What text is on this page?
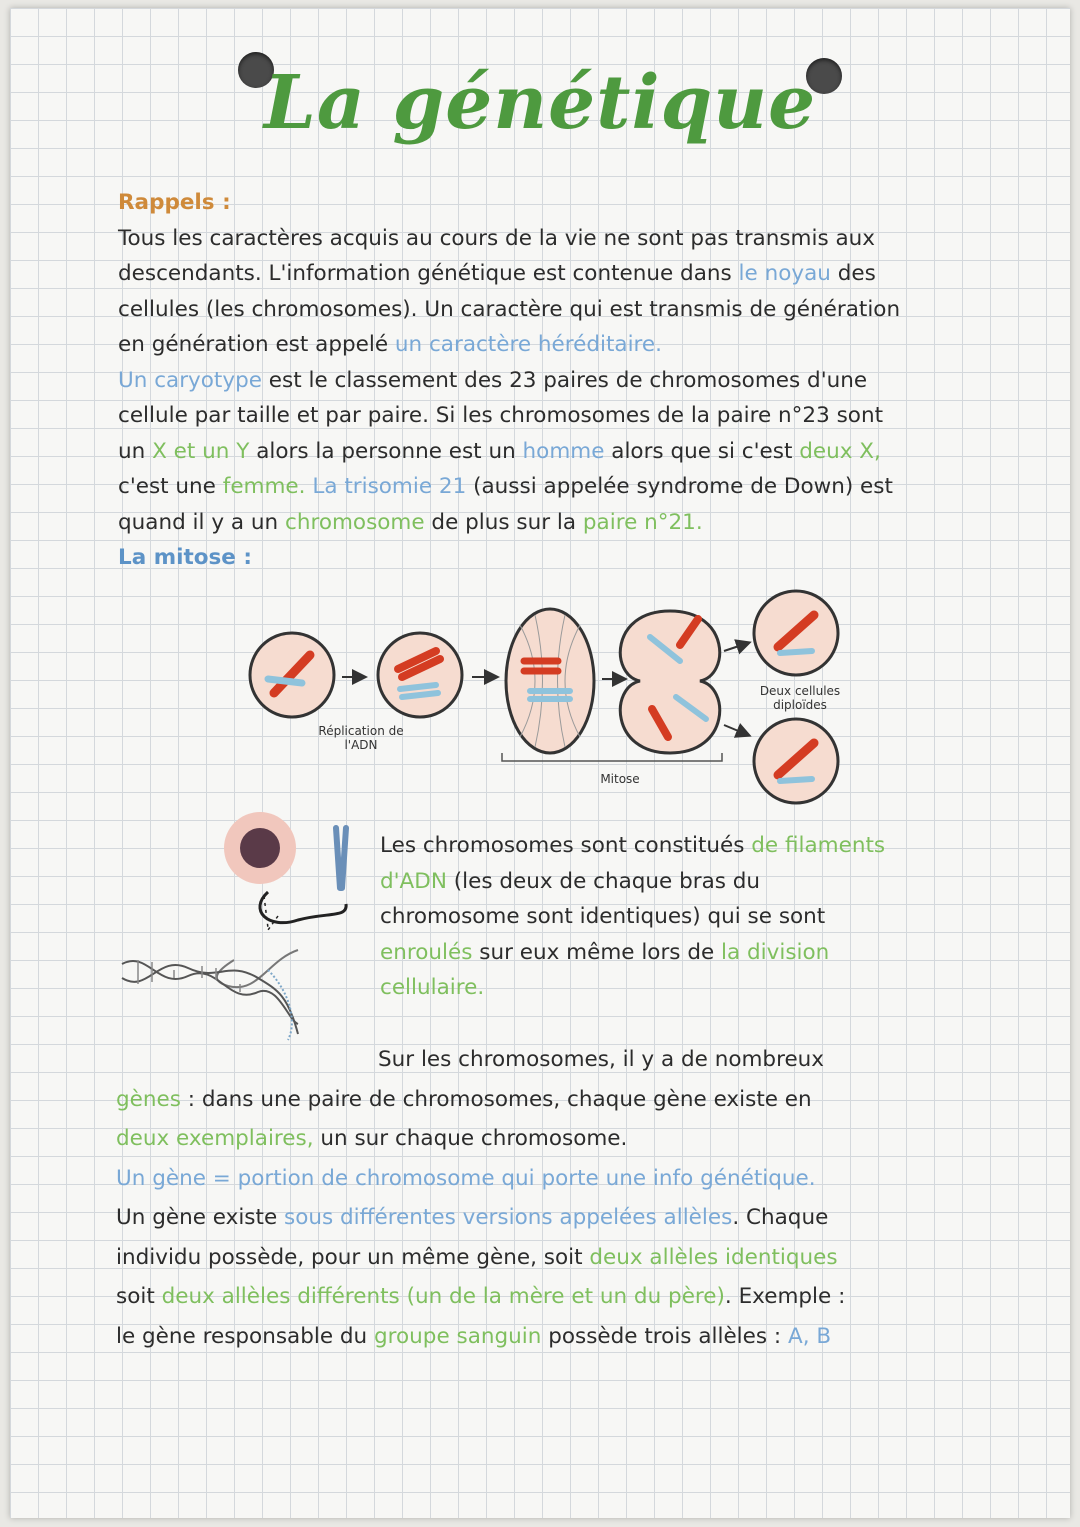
La génétique

Rappels :

Tous les caractères acquis au cours de la vie ne sont pas transmis aux

descendants. L'information génétique est contenue dans le noyau des

cellules (les chromosomes). Un caractère qui est transmis de génération

en génération est appelé un caractère héréditaire.

Un caryotype est le classement des 23 paires de chromosomes d'une

cellule par taille et par paire. Si les chromosomes de la paire n°23 sont

un X et un Y alors la personne est un homme alors que si c'est deux X,

c'est une femme. La trisomie 21 (aussi appelée syndrome de Down) est

quand il y a un chromosome de plus sur la paire n°21.

La mitose :

Réplication de l'ADN
Mitose
Deux cellules diploïdes

Les chromosomes sont constitués de filaments

d'ADN (les deux de chaque bras du

chromosome sont identiques) qui se sont

enroulés sur eux même lors de la division

cellulaire.

Sur les chromosomes, il y a de nombreux

gènes : dans une paire de chromosomes, chaque gène existe en

deux exemplaires, un sur chaque chromosome.

Un gène = portion de chromosome qui porte une info génétique.

Un gène existe sous différentes versions appelées allèles. Chaque

individu possède, pour un même gène, soit deux allèles identiques

soit deux allèles différents (un de la mère et un du père). Exemple :

le gène responsable du groupe sanguin possède trois allèles : A, B
